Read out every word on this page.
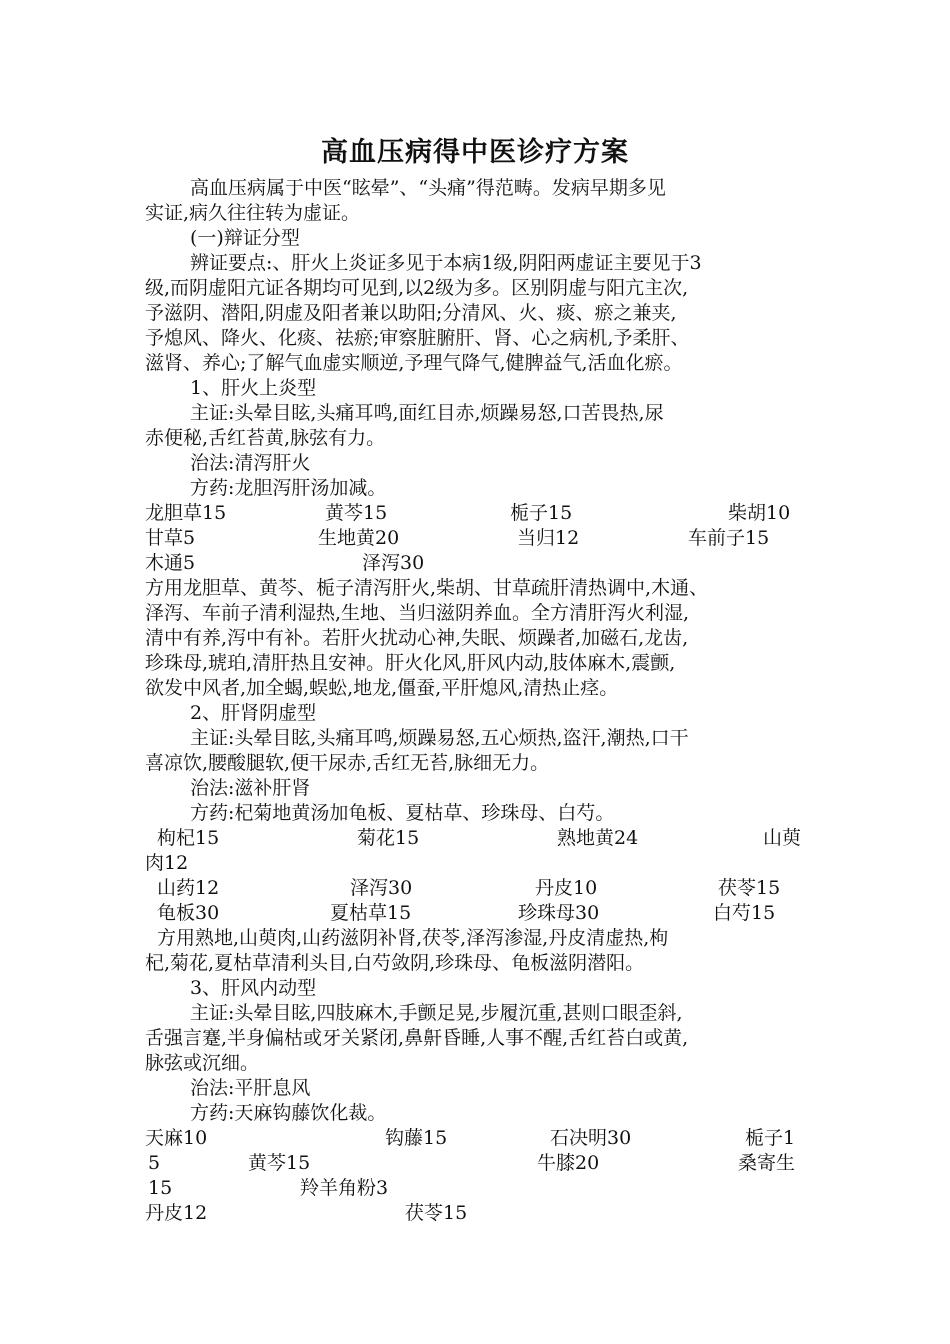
高血压病得中医诊疗方案
高血压病属于中医“眩晕”、“头痛”得范畴。发病早期多见
实证,病久往往转为虚证。
(一)辩证分型
辨证要点:、肝火上炎证多见于本病1级,阴阳两虚证主要见于3
级,而阴虚阳亢证各期均可见到,以2级为多。区别阴虚与阳亢主次,
予滋阴、潜阳,阴虚及阳者兼以助阳;分清风、火、痰、瘀之兼夹,
予熄风、降火、化痰、祛瘀;审察脏腑肝、肾、心之病机,予柔肝、
滋肾、养心;了解气血虚实顺逆,予理气降气,健脾益气,活血化瘀。
1、肝火上炎型
主证:头晕目眩,头痛耳鸣,面红目赤,烦躁易怒,口苦畏热,尿
赤便秘,舌红苔黄,脉弦有力。
治法:清泻肝火
方药:龙胆泻肝汤加减。
龙胆草15	黄芩15	栀子15	柴胡10
甘草5	生地黄20	当归12	车前子15
木通5	泽泻30
方用龙胆草、黄芩、栀子清泻肝火,柴胡、甘草疏肝清热调中,木通、
泽泻、车前子清利湿热,生地、当归滋阴养血。全方清肝泻火利湿,
清中有养,泻中有补。若肝火扰动心神,失眠、烦躁者,加磁石,龙齿,
珍珠母,琥珀,清肝热且安神。肝火化风,肝风内动,肢体麻木,震颤,
欲发中风者,加全蝎,蜈蚣,地龙,僵蚕,平肝熄风,清热止痉。
2、肝肾阴虚型
主证:头晕目眩,头痛耳鸣,烦躁易怒,五心烦热,盗汗,潮热,口干
喜凉饮,腰酸腿软,便干尿赤,舌红无苔,脉细无力。
治法:滋补肝肾
方药:杞菊地黄汤加龟板、夏枯草、珍珠母、白芍。
枸杞15	菊花15	熟地黄24	山萸
肉12
山药12	泽泻30	丹皮10	茯苓15
龟板30	夏枯草15	珍珠母30	白芍15
方用熟地,山萸肉,山药滋阴补肾,茯苓,泽泻渗湿,丹皮清虚热,枸
杞,菊花,夏枯草清利头目,白芍敛阴,珍珠母、龟板滋阴潜阳。
3、肝风内动型
主证:头晕目眩,四肢麻木,手颤足晃,步履沉重,甚则口眼歪斜,
舌强言蹇,半身偏枯或牙关紧闭,鼻鼾昏睡,人事不醒,舌红苔白或黄,
脉弦或沉细。
治法:平肝息风
方药:天麻钩藤饮化裁。
天麻10	钩藤15	石决明30	栀子1
5	黄芩15	牛膝20	桑寄生
15	羚羊角粉3
丹皮12	茯苓15
